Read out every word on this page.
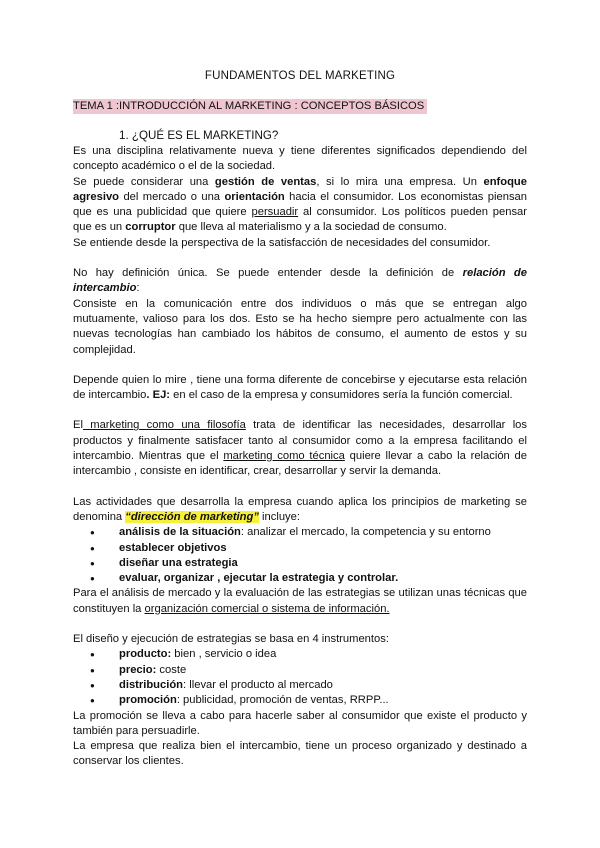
FUNDAMENTOS DEL MARKETING
TEMA 1 :INTRODUCCIÓN AL MARKETING : CONCEPTOS BÁSICOS
1. ¿QUÉ ES EL MARKETING?

Es una disciplina relativamente nueva y tiene diferentes significados dependiendo del concepto académico o el de la sociedad.

Se puede considerar una gestión de ventas, si lo mira una empresa. Un enfoque agresivo del mercado o una orientación hacia el consumidor. Los economistas piensan que es una publicidad que quiere persuadir al consumidor. Los políticos pueden pensar que es un corruptor que lleva al materialismo y a la sociedad de consumo.

Se entiende desde la perspectiva de la satisfacción de necesidades del consumidor.

No hay definición única. Se puede entender desde la definición de relación de intercambio:

Consiste en la comunicación entre dos individuos o más que se entregan algo mutuamente, valioso para los dos. Esto se ha hecho siempre pero actualmente con las nuevas tecnologías han cambiado los hábitos de consumo, el aumento de estos y su complejidad.

Depende quien lo mire , tiene una forma diferente de concebirse y ejecutarse esta relación de intercambio. EJ: en el caso de la empresa y consumidores sería la función comercial.

El marketing como una filosofía trata de identificar las necesidades, desarrollar los productos y finalmente satisfacer tanto al consumidor como a la empresa facilitando el intercambio. Mientras que el marketing como técnica quiere llevar a cabo la relación de intercambio , consiste en identificar, crear, desarrollar y servir la demanda.

Las actividades que desarrolla la empresa cuando aplica los principios de marketing se denomina “dirección de marketing” incluye:

● análisis de la situación: analizar el mercado, la competencia y su entorno
● establecer objetivos
● diseñar una estrategia
● evaluar, organizar , ejecutar la estrategia y controlar.

Para el análisis de mercado y la evaluación de las estrategias se utilizan unas técnicas que constituyen la organización comercial o sistema de información.

El diseño y ejecución de estrategias se basa en 4 instrumentos:

● producto: bien , servicio o idea
● precio: coste
● distribución: llevar el producto al mercado
● promoción: publicidad, promoción de ventas, RRPP...

La promoción se lleva a cabo para hacerle saber al consumidor que existe el producto y también para persuadirle.

La empresa que realiza bien el intercambio, tiene un proceso organizado y destinado a conservar los clientes.
